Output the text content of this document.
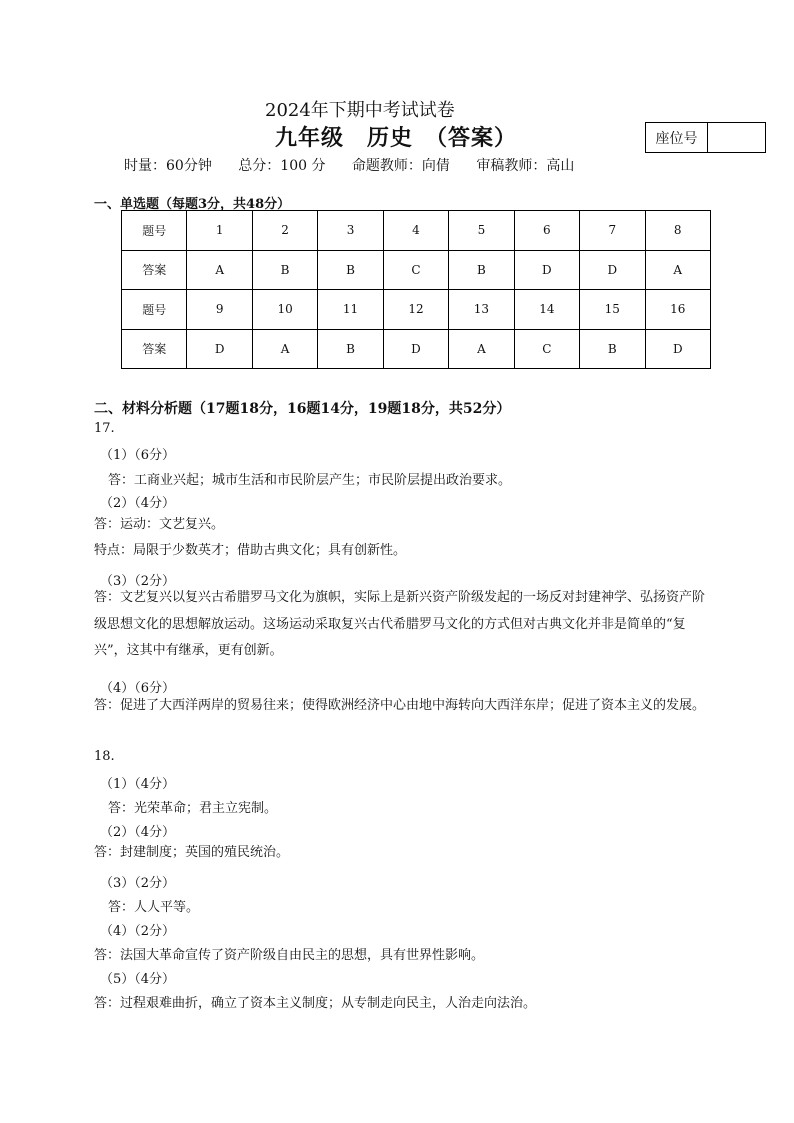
2024年下期中考试试卷
九年级　历史　（答案）	座位号
时量：60分钟 总分：100 分 命题教师：向倩 审稿教师：高山
一、单选题（每题3分，共48分）
题号	1	2	3	4	5	6	7	8
答案	A	B	B	C	B	D	D	A
题号	9	10	11	12	13	14	15	16
答案	D	A	B	D	A	C	B	D
二、材料分析题（17题18分，16题14分，19题18分，共52分）
17.
（1）（6分）
答：工商业兴起；城市生活和市民阶层产生；市民阶层提出政治要求。
（2）（4分）
答：运动：文艺复兴。
特点：局限于少数英才；借助古典文化；具有创新性。
（3）（2分）
答：文艺复兴以复兴古希腊罗马文化为旗帜，实际上是新兴资产阶级发起的一场反对封建神学、弘扬资产阶级思想文化的思想解放运动。这场运动采取复兴古代希腊罗马文化的方式但对古典文化并非是简单的“复兴”，这其中有继承，更有创新。
（4）（6分）
答：促进了大西洋两岸的贸易往来；使得欧洲经济中心由地中海转向大西洋东岸；促进了资本主义的发展。
18.
（1）（4分）
答：光荣革命；君主立宪制。
（2）（4分）
答：封建制度；英国的殖民统治。
（3）（2分）
答：人人平等。
（4）（2分）
答：法国大革命宣传了资产阶级自由民主的思想，具有世界性影响。
（5）（4分）
答：过程艰难曲折，确立了资本主义制度；从专制走向民主，人治走向法治。
